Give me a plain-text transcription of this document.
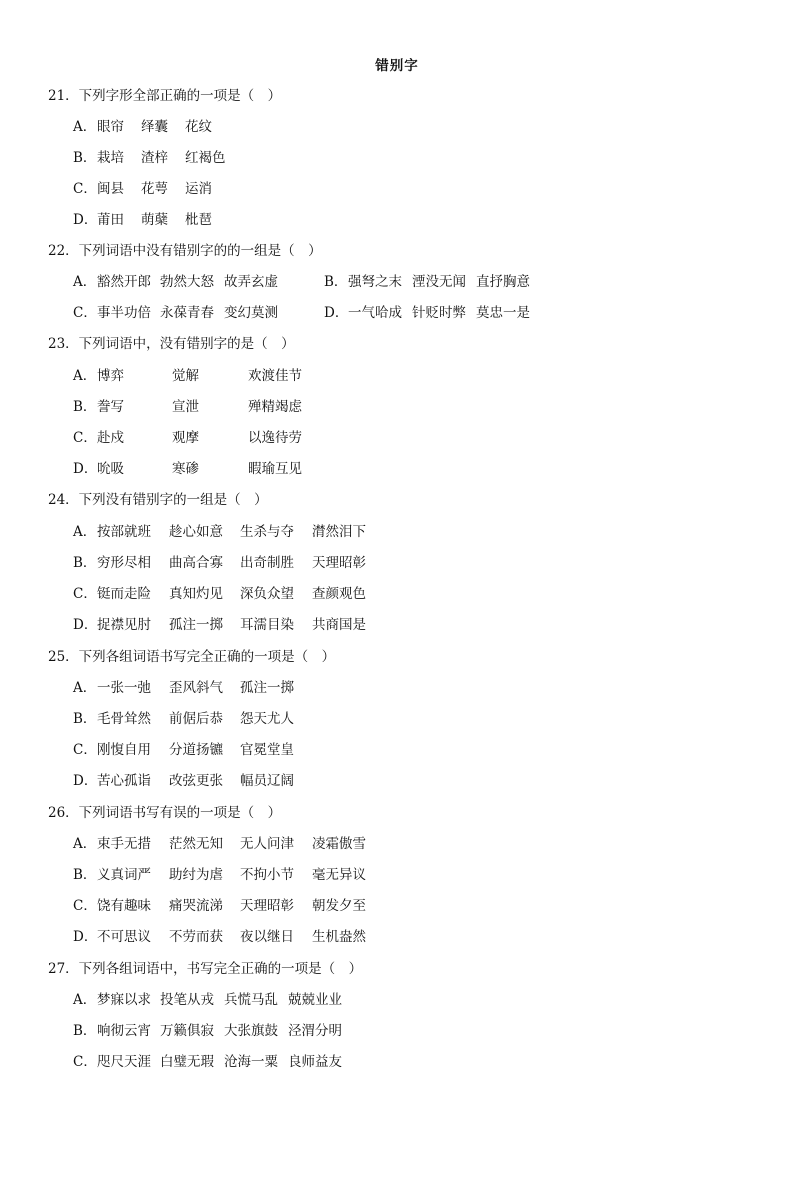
错别字
21．下列字形全部正确的一项是（　）

A．

眼帘

绎囊

花纹

B．

栽培

渣梓

红褐色

C．

闽县

花萼

运消

D．

莆田

萌蘖

枇琶

22．下列词语中没有错别字的的一组是（　）

A．

豁然开郎

勃然大怒

故弄玄虚

	B．

强弩之末

湮没无闻

直抒胸意

C．

事半功倍

永葆青春

变幻莫测

	D．

一气哈成

针贬时弊

莫忠一是

23．下列词语中，没有错别字的是（　）

A．

博弈

	觉解

	欢渡佳节

B．

誊写

	宣泄

	殚精竭虑

C．

赴戍

	观摩

	以逸待劳

D．

吮吸

	寒碜

	暇瑜互见

24．下列没有错别字的一组是（　）

A．

按部就班

趁心如意

生杀与夺

潸然泪下

B．

穷形尽相

曲高合寡

出奇制胜

天理昭彰

C．

铤而走险

真知灼见

深负众望

查颜观色

D．

捉襟见肘

孤注一掷

耳濡目染

共商国是

25．下列各组词语书写完全正确的一项是（　）

A．

一张一弛

歪风斜气

孤注一掷

B．

毛骨耸然

前倨后恭

怨天尤人

C．

刚愎自用

分道扬镳

官冕堂皇

D．

苦心孤诣

改弦更张

幅员辽阔

26．下列词语书写有误的一项是（　）

A．

束手无措

茫然无知

无人问津

凌霜傲雪

B．

义真词严

助纣为虐

不拘小节

毫无异议

C．

饶有趣味

痛哭流涕

天理昭彰

朝发夕至

D．

不可思议

不劳而获

夜以继日

生机盎然

27．下列各组词语中，书写完全正确的一项是（　）

A．

梦寐以求

投笔从戎

兵慌马乱

兢兢业业

B．

响彻云宵

万籁俱寂

大张旗鼓

泾渭分明

C．

咫尺天涯

白璧无瑕

沧海一粟

良师益友
